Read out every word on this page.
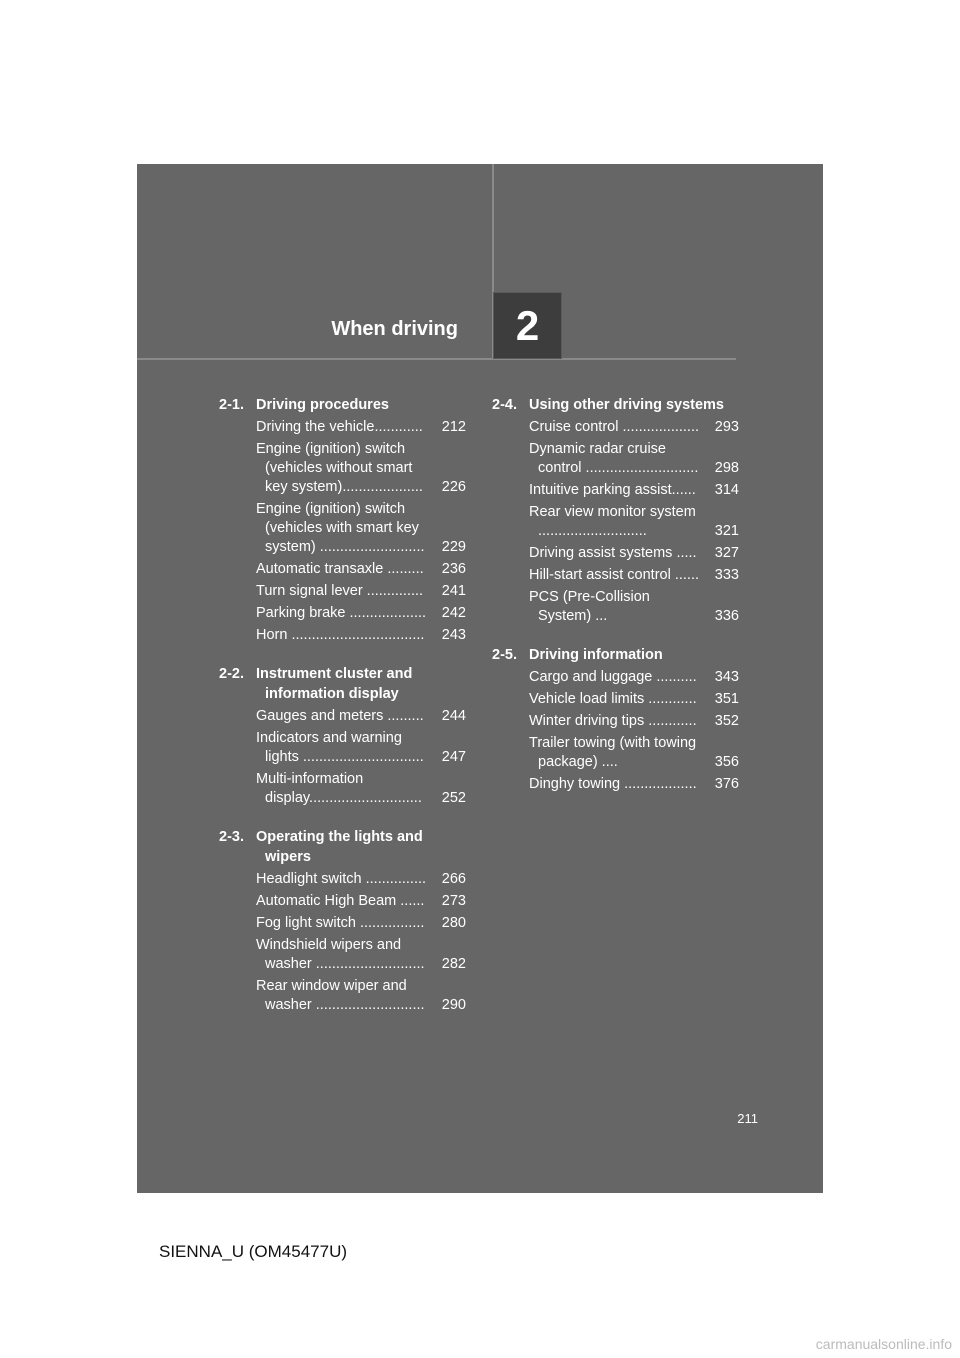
When driving 2
2-1. Driving procedures
Driving the vehicle............	212
Engine (ignition) switch (vehicles without smart key system)....................	226
Engine (ignition) switch (vehicles with smart key system) ..........................	229
Automatic transaxle .........	236
Turn signal lever ..............	241
Parking brake ...................	242
Horn .................................	243
2-2. Instrument cluster and information display
Gauges and meters .........	244
Indicators and warning lights ..............................	247
Multi-information display............................	252
2-3. Operating the lights and wipers
Headlight switch ...............	266
Automatic High Beam ......	273
Fog light switch ................	280
Windshield wipers and washer ...........................	282
Rear window wiper and washer ...........................	290
2-4. Using other driving systems
Cruise control ...................	293
Dynamic radar cruise control ............................	298
Intuitive parking assist......	314
Rear view monitor system ...........................	321
Driving assist systems .....	327
Hill-start assist control ......	333
PCS (Pre-Collision System) ...	336
2-5. Driving information
Cargo and luggage ..........	343
Vehicle load limits ............	351
Winter driving tips ............	352
Trailer towing (with towing package) ....	356
Dinghy towing ..................	376
211
SIENNA_U (OM45477U)
carmanualsonline.info
